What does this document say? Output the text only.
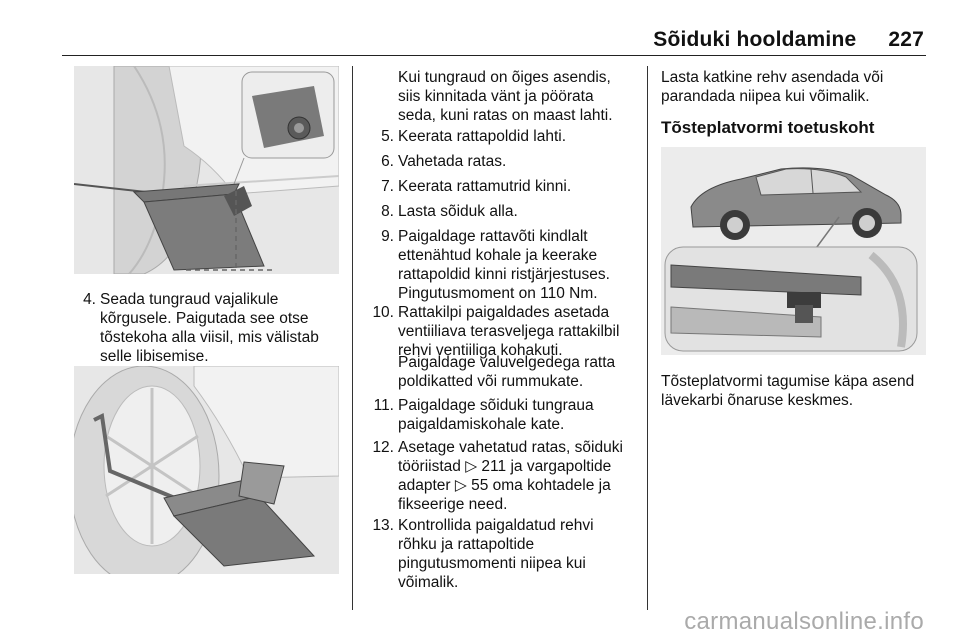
Sõiduki hooldamine 227
4. Seada tungraud vajalikule
kõrgusele. Paigutada see otse
tõstekoha alla viisil, mis välistab
selle libisemise.
Kui tungraud on õiges asendis,
siis kinnitada vänt ja pöörata
seda, kuni ratas on maast lahti.
5. Keerata rattapoldid lahti.
6. Vahetada ratas.
7. Keerata rattamutrid kinni.
8. Lasta sõiduk alla.
9. Paigaldage rattavõti kindlalt
ettenähtud kohale ja keerake
rattapoldid kinni ristjärjestuses.
Pingutusmoment on 110 Nm.
10. Rattakilpi paigaldades asetada
ventiiliava terasveljega rattakilbil
rehvi ventiiliga kohakuti.
Paigaldage valuvelgedega ratta
poldikatted või rummukate.
11. Paigaldage sõiduki tungraua
paigaldamiskohale kate.
12. Asetage vahetatud ratas, sõiduki
tööriistad ▷ 211 ja vargapoltide
adapter ▷ 55 oma kohtadele ja
fikseerige need.
13. Kontrollida paigaldatud rehvi
rõhku ja rattapoltide
pingutusmomenti niipea kui
võimalik.
Lasta katkine rehv asendada või
parandada niipea kui võimalik.
Tõsteplatvormi toetuskoht
Tõsteplatvormi tagumise käpa asend
lävekarbi õnaruse keskmes.
carmanualsonline.info
